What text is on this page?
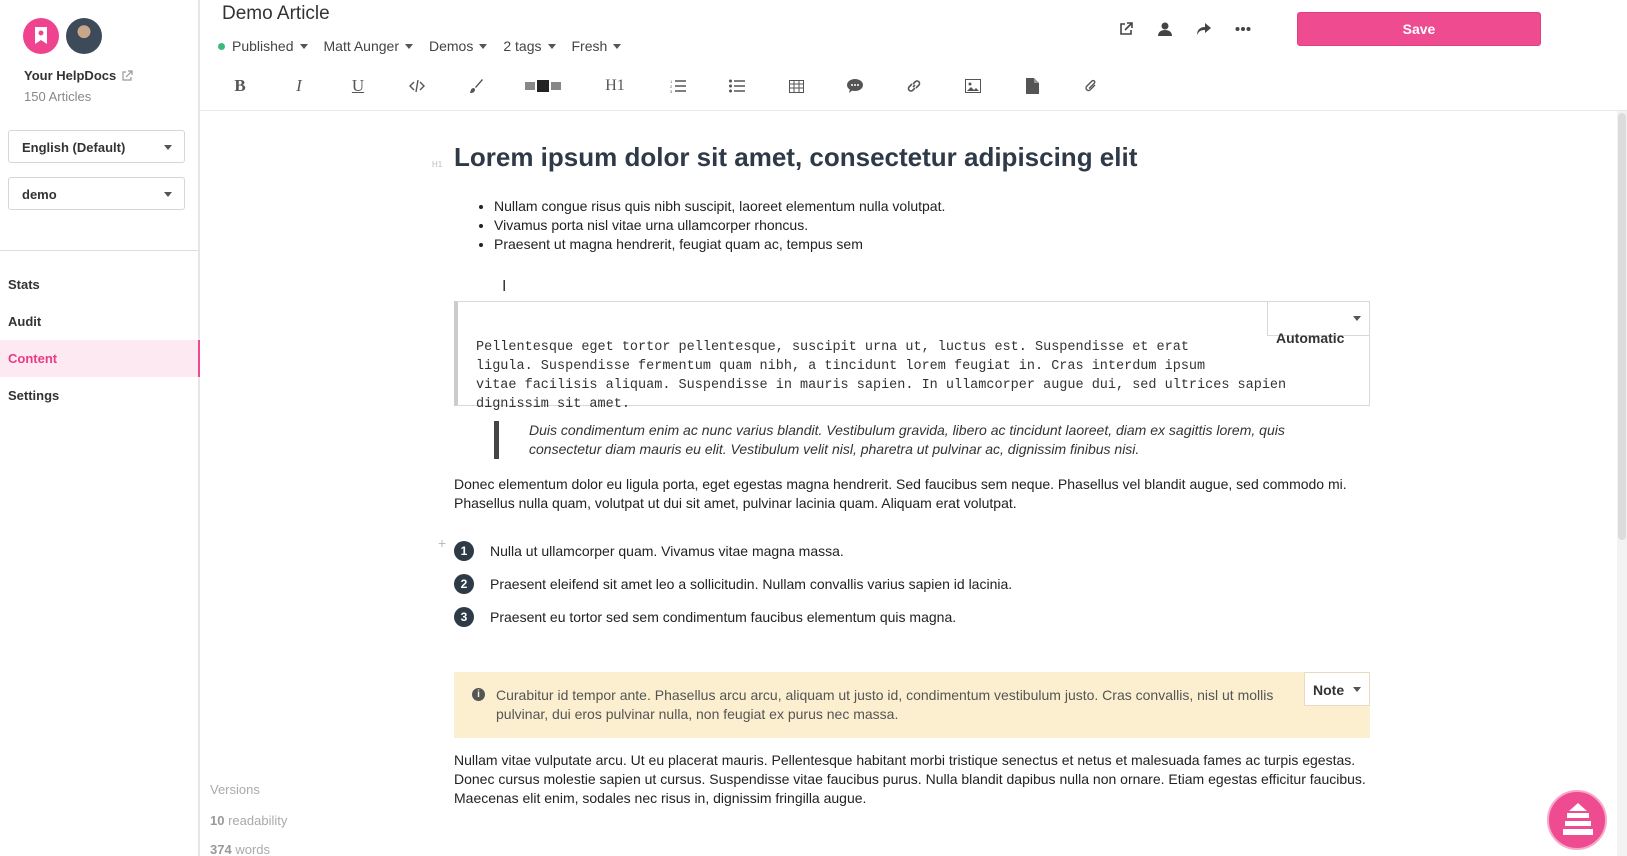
Your HelpDocs
150 Articles
English (Default)
demo
Stats
Audit
Content
Settings
Versions
10 readability
374 words
Demo Article
Published Matt Aunger Demos 2 tags Fresh
Save
B	I	U	H1	1
2
3
H1 Lorem ipsum dolor sit amet, consectetur adipiscing elit
• Nullam congue risus quis nibh suscipit, laoreet elementum nulla volutpat.
• Vivamus porta nisl vitae urna ullamcorper rhoncus.
• Praesent ut magna hendrerit, feugiat quam ac, tempus sem
I

Pellentesque eget tortor pellentesque, suscipit urna ut, luctus est. Suspendisse et erat
ligula. Suspendisse fermentum quam nibh, a tincidunt lorem feugiat in. Cras interdum ipsum
vitae facilisis aliquam. Suspendisse in mauris sapien. In ullamcorper augue dui, sed ultrices sapien
dignissim sit amet.

Automatic

Duis condimentum enim ac nunc varius blandit. Vestibulum gravida, libero ac tincidunt laoreet, diam ex sagittis lorem, quis consectetur diam mauris eu elit. Vestibulum velit nisl, pharetra ut pulvinar ac, dignissim finibus nisi.
Donec elementum dolor eu ligula porta, eget egestas magna hendrerit. Sed faucibus sem neque. Phasellus vel blandit augue, sed commodo mi. Phasellus nulla quam, volutpat ut dui sit amet, pulvinar lacinia quam. Aliquam erat volutpat.
+	1	Nulla ut ullamcorper quam. Vivamus vitae magna massa.
2	Praesent eleifend sit amet leo a sollicitudin. Nullam convallis varius sapien id lacinia.
3	Praesent eu tortor sed sem condimentum faucibus elementum quis magna.
i	Curabitur id tempor ante. Phasellus arcu arcu, aliquam ut justo id, condimentum vestibulum justo. Cras convallis, nisl ut mollis pulvinar, dui eros pulvinar nulla, non feugiat ex purus nec massa.
Note
Nullam vitae vulputate arcu. Ut eu placerat mauris. Pellentesque habitant morbi tristique senectus et netus et malesuada fames ac turpis egestas. Donec cursus molestie sapien ut cursus. Suspendisse vitae faucibus purus. Nulla blandit dapibus nulla non ornare. Etiam egestas efficitur faucibus. Maecenas elit enim, sodales nec risus in, dignissim fringilla augue.
